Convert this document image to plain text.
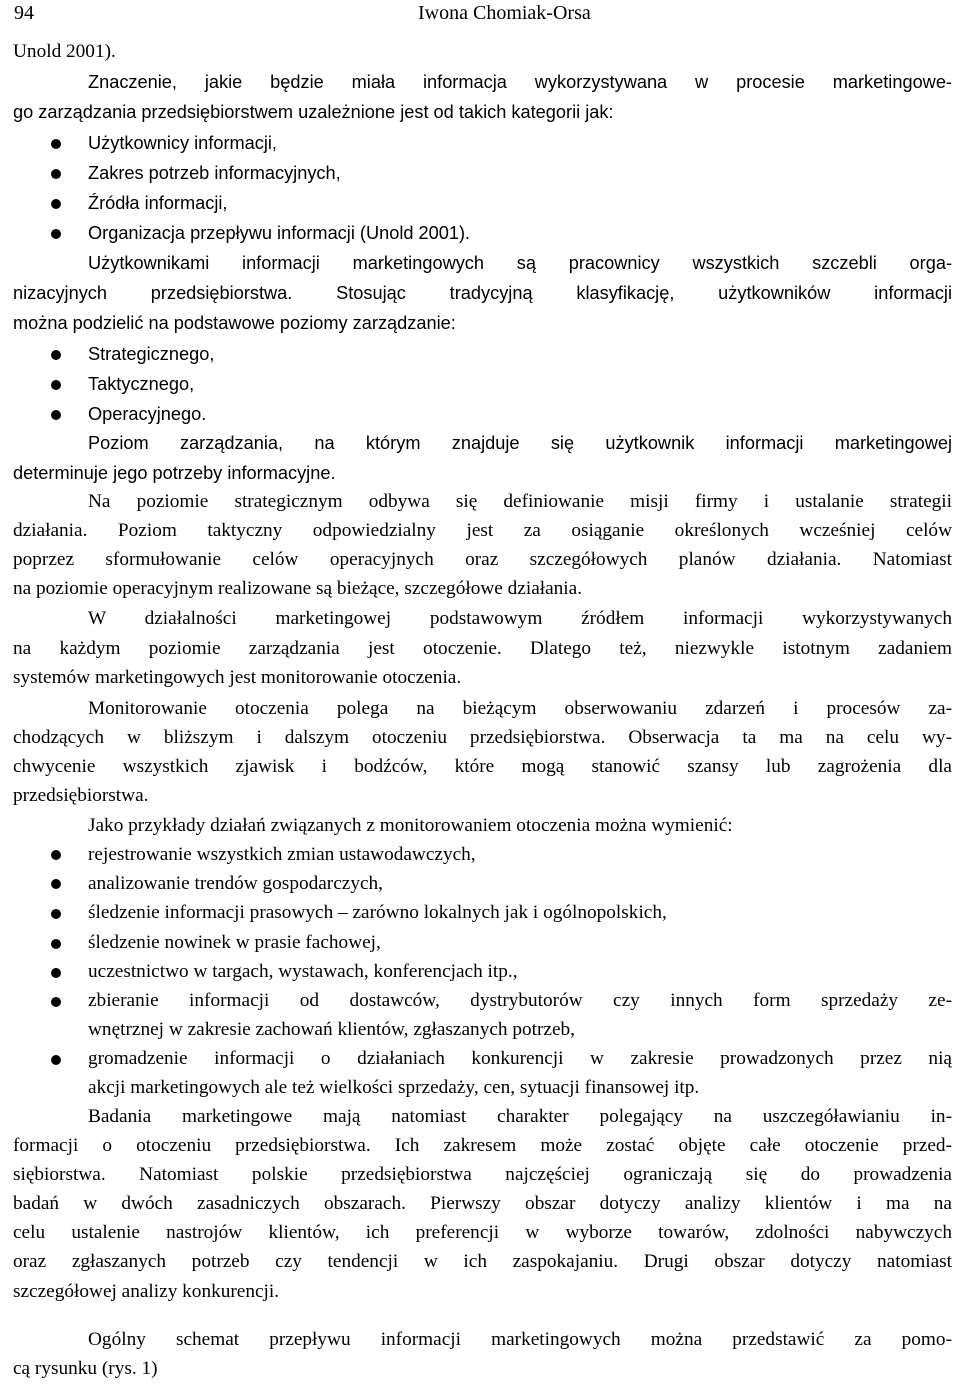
94	Iwona Chomiak-Orsa
Unold 2001).
Znaczenie, jakie będzie miała informacja wykorzystywana w procesie marketingowe-
go zarządzania przedsiębiorstwem uzależnione jest od takich kategorii jak:
Użytkownicy informacji,
Zakres potrzeb informacyjnych,
Źródła informacji,
Organizacja przepływu informacji (Unold 2001).
Użytkownikami informacji marketingowych są pracownicy wszystkich szczebli orga-
nizacyjnych przedsiębiorstwa. Stosując tradycyjną klasyfikację, użytkowników informacji
można podzielić na podstawowe poziomy zarządzanie:
Strategicznego,
Taktycznego,
Operacyjnego.
Poziom zarządzania, na którym znajduje się użytkownik informacji marketingowej
determinuje jego potrzeby informacyjne.
Na poziomie strategicznym odbywa się definiowanie misji firmy i ustalanie strategii
działania. Poziom taktyczny odpowiedzialny jest za osiąganie określonych wcześniej celów
poprzez sformułowanie celów operacyjnych oraz szczegółowych planów działania. Natomiast
na poziomie operacyjnym realizowane są bieżące, szczegółowe działania.
W działalności marketingowej podstawowym źródłem informacji wykorzystywanych
na każdym poziomie zarządzania jest otoczenie. Dlatego też, niezwykle istotnym zadaniem
systemów marketingowych jest monitorowanie otoczenia.
Monitorowanie otoczenia polega na bieżącym obserwowaniu zdarzeń i procesów za-
chodzących w bliższym i dalszym otoczeniu przedsiębiorstwa. Obserwacja ta ma na celu wy-
chwycenie wszystkich zjawisk i bodźców, które mogą stanowić szansy lub zagrożenia dla
przedsiębiorstwa.
Jako przykłady działań związanych z monitorowaniem otoczenia można wymienić:
rejestrowanie wszystkich zmian ustawodawczych,
analizowanie trendów gospodarczych,
śledzenie informacji prasowych – zarówno lokalnych jak i ogólnopolskich,
śledzenie nowinek w prasie fachowej,
uczestnictwo w targach, wystawach, konferencjach itp.,
zbieranie informacji od dostawców, dystrybutorów czy innych form sprzedaży ze-
wnętrznej w zakresie zachowań klientów, zgłaszanych potrzeb,
gromadzenie informacji o działaniach konkurencji w zakresie prowadzonych przez nią
akcji marketingowych ale też wielkości sprzedaży, cen, sytuacji finansowej itp.
Badania marketingowe mają natomiast charakter polegający na uszczegóławianiu in-
formacji o otoczeniu przedsiębiorstwa. Ich zakresem może zostać objęte całe otoczenie przed-
siębiorstwa. Natomiast polskie przedsiębiorstwa najczęściej ograniczają się do prowadzenia
badań w dwóch zasadniczych obszarach. Pierwszy obszar dotyczy analizy klientów i ma na
celu ustalenie nastrojów klientów, ich preferencji w wyborze towarów, zdolności nabywczych
oraz zgłaszanych potrzeb czy tendencji w ich zaspokajaniu. Drugi obszar dotyczy natomiast
szczegółowej analizy konkurencji.
Ogólny schemat przepływu informacji marketingowych można przedstawić za pomo-
cą rysunku (rys. 1)
